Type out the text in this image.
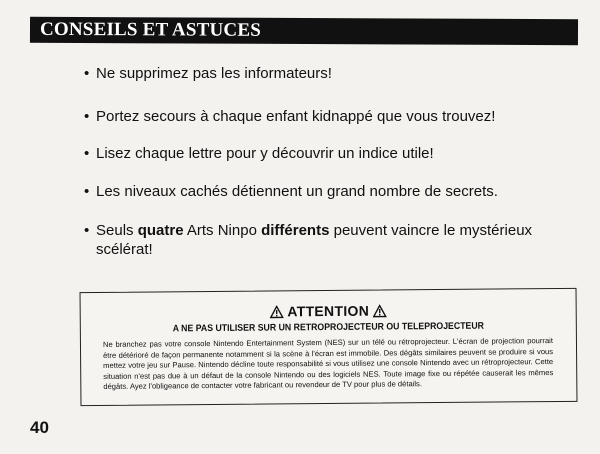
CONSEILS ET ASTUCES
• Ne supprimez pas les informateurs!
• Portez secours à chaque enfant kidnappé que vous trouvez!
• Lisez chaque lettre pour y découvrir un indice utile!
• Les niveaux cachés détiennent un grand nombre de secrets.
• Seuls quatre Arts Ninpo différents peuvent vaincre le mystérieux scélérat!
ATTENTION
A NE PAS UTILISER SUR UN RETROPROJECTEUR OU TELEPROJECTEUR
Ne branchez pas votre console Nintendo Entertainment System (NES) sur un télé ou rétroprojecteur. L'écran de projection pourrait être détérioré de façon permanente notamment si la scène à l'écran est immobile. Des dégâts similaires peuvent se produire si vous mettez votre jeu sur Pause. Nintendo décline toute responsabilité si vous utilisez une console Nintendo avec un rétroprojecteur. Cette situation n'est pas due à un défaut de la console Nintendo ou des logiciels NES. Toute image fixe ou répétée causerait les mêmes dégâts. Ayez l'obligeance de contacter votre fabricant ou revendeur de TV pour plus de détails.
40
